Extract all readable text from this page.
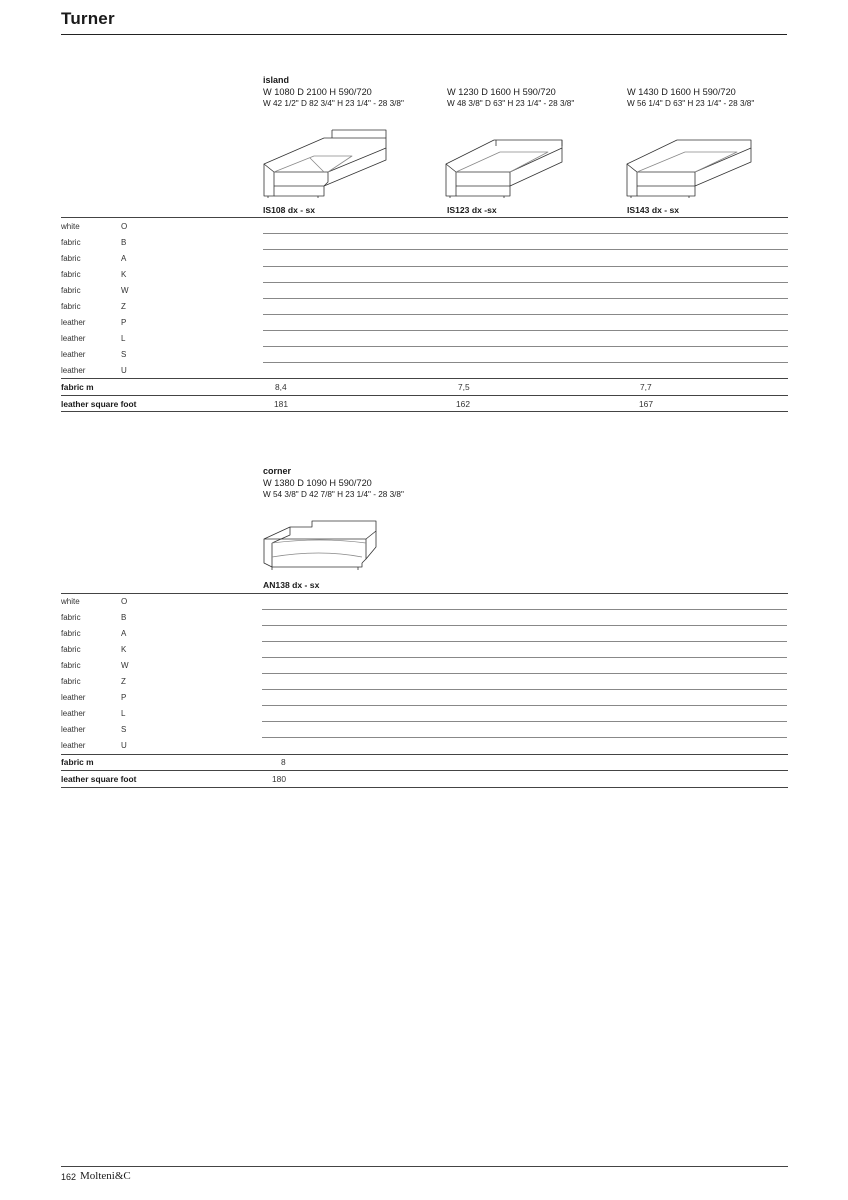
Turner
island
W 1080 D 2100 H 590/720
W 42 1/2" D 82 3/4" H 23 1/4" - 28 3/8"
W 1230 D 1600 H 590/720
W 48 3/8" D 63" H 23 1/4" - 28 3/8"
W 1430 D 1600 H 590/720
W 56 1/4" D 63" H 23 1/4" - 28 3/8"
IS108 dx - sx	IS123 dx -sx	IS143 dx - sx
white	O
fabric	B
fabric	A
fabric	K
fabric	W
fabric	Z
leather	P
leather	L
leather	S
leather	U
fabric m	8,4	7,5	7,7
leather square foot	181	162	167
corner
W 1380 D 1090 H 590/720
W 54 3/8" D 42 7/8" H 23 1/4" - 28 3/8"
AN138 dx - sx
white	O
fabric	B
fabric	A
fabric	K
fabric	W
fabric	Z
leather	P
leather	L
leather	S
leather	U
fabric m	8
leather square foot	180
162 Molteni&C
